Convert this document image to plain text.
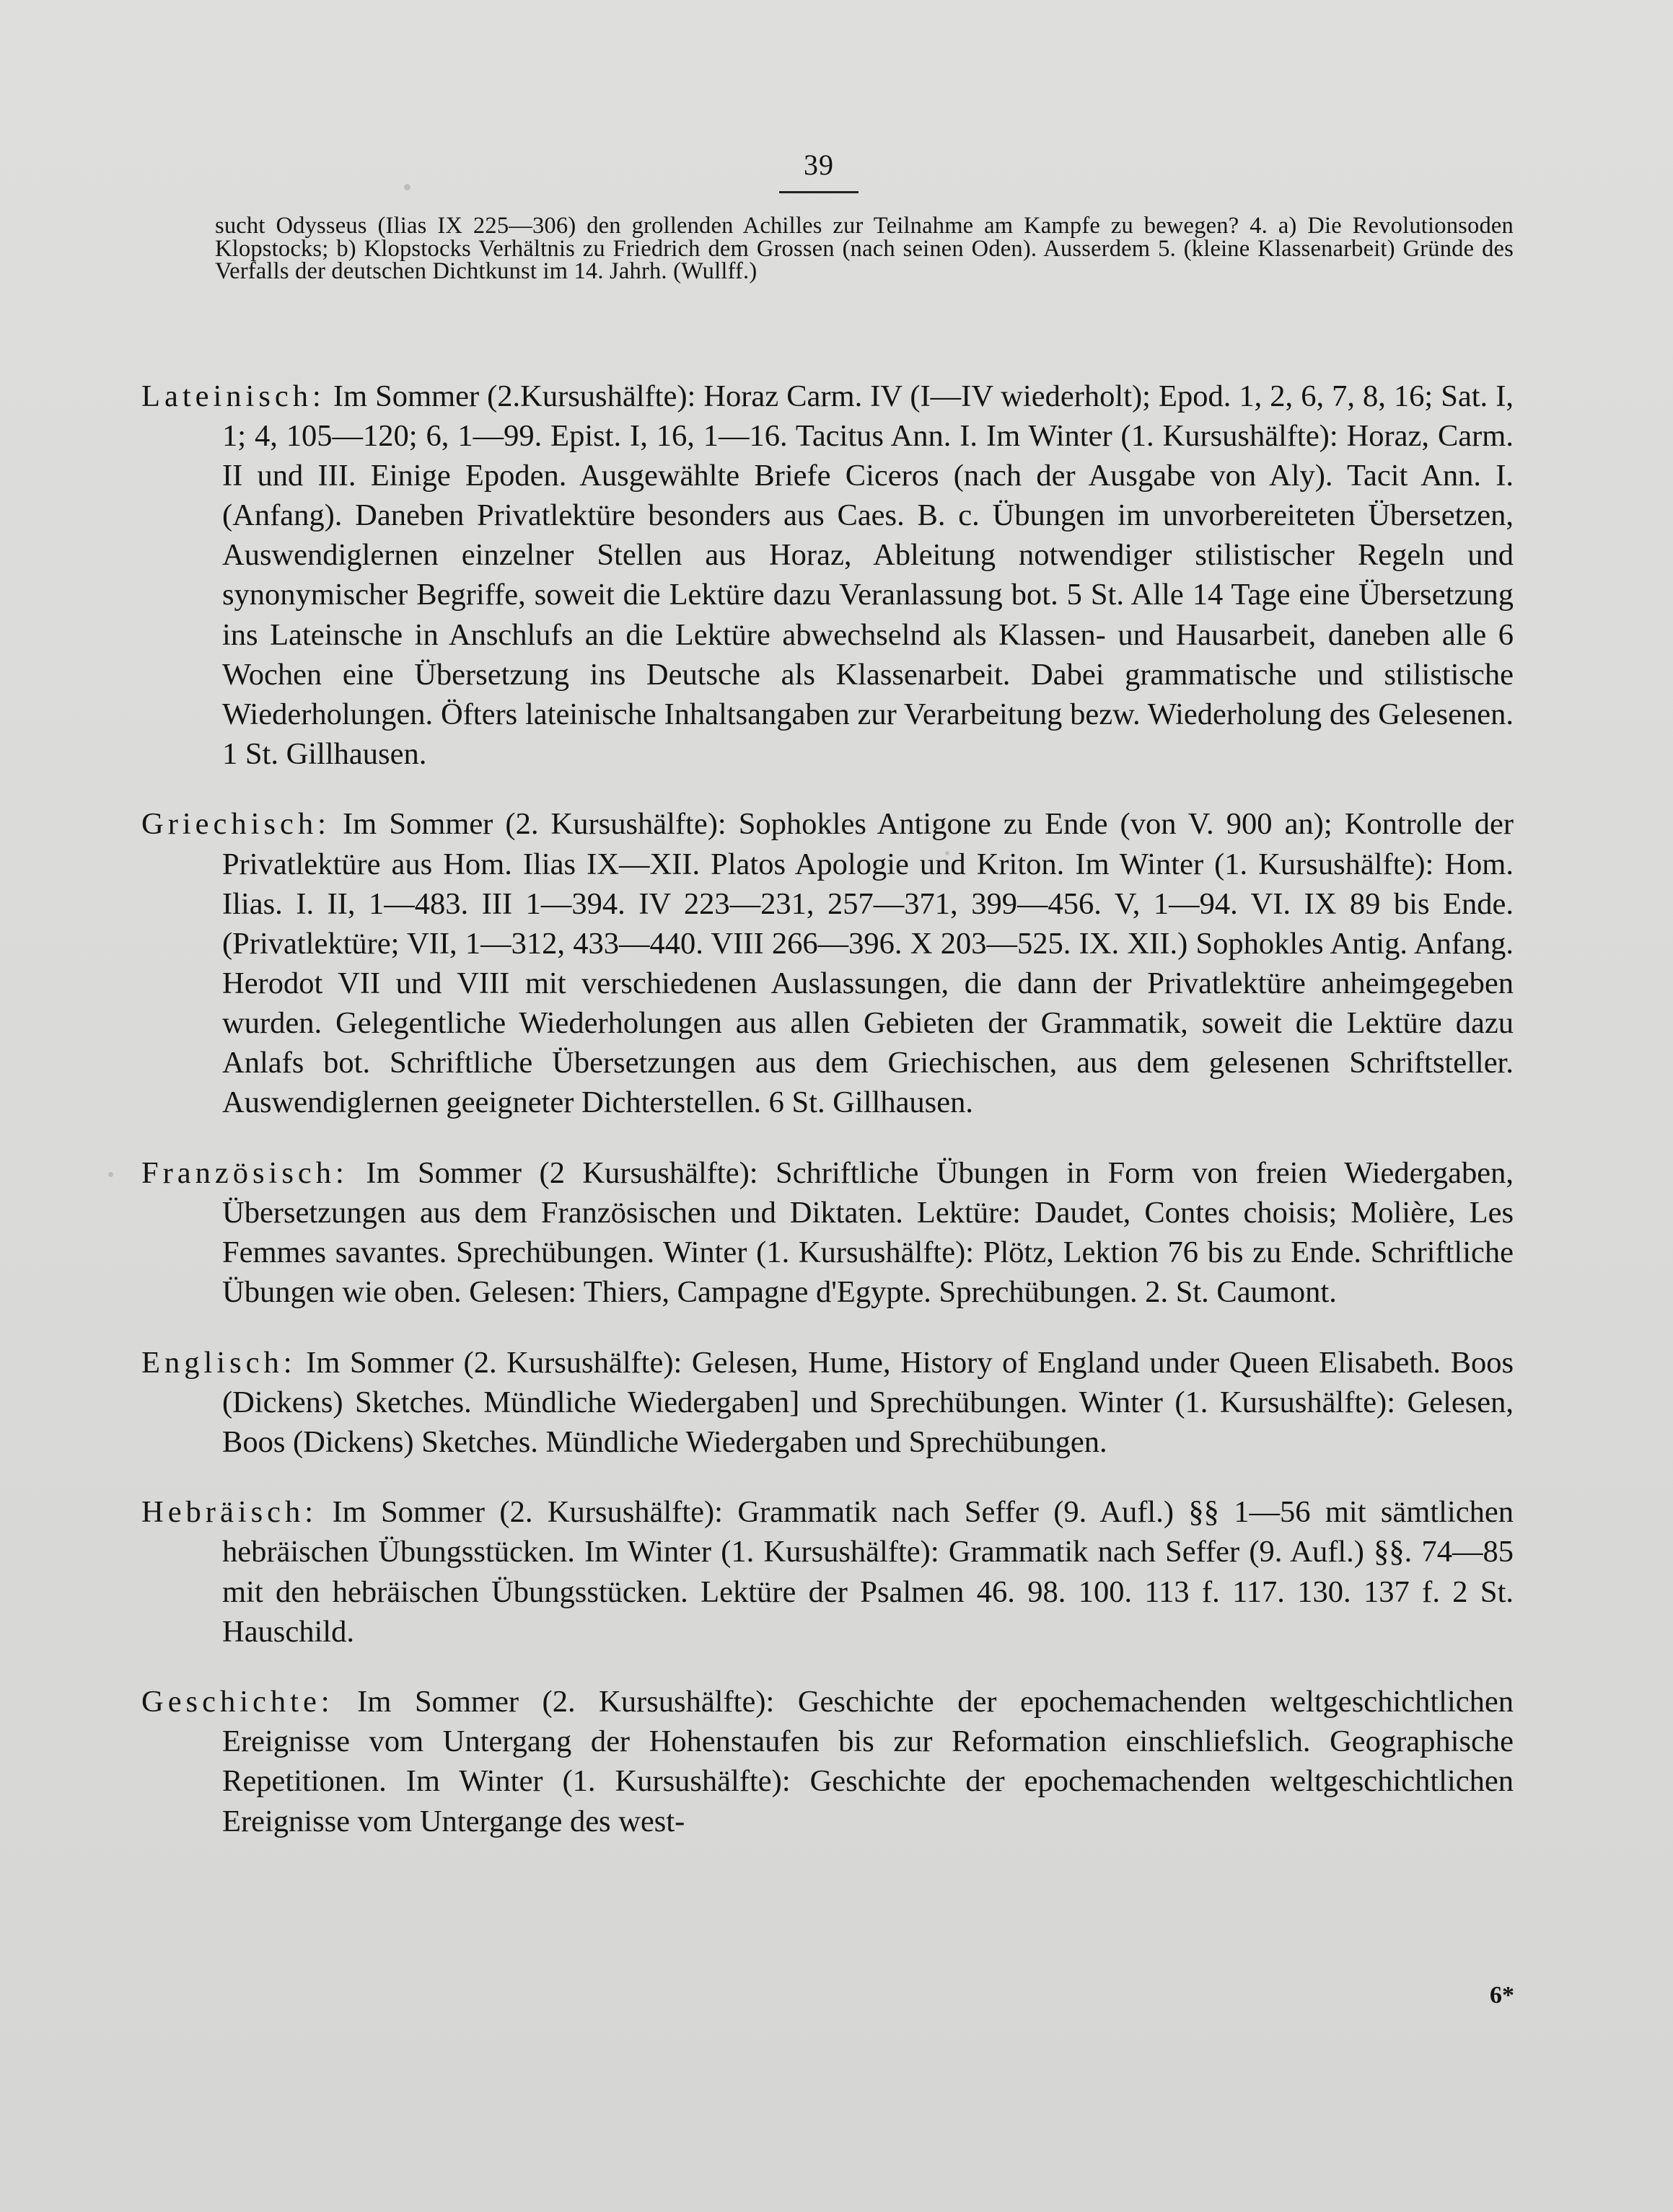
39
sucht Odysseus (Ilias IX 225—306) den grollenden Achilles zur Teilnahme am Kampfe zu bewegen? 4. a) Die Revolutionsoden Klopstocks; b) Klopstocks Verhältnis zu Friedrich dem Grossen (nach seinen Oden). Ausserdem 5. (kleine Klassenarbeit) Gründe des Verfalls der deutschen Dichtkunst im 14. Jahrh. (Wullff.)

Lateinisch: Im Sommer (2.Kursushälfte): Horaz Carm. IV (I—IV wiederholt); Epod. 1, 2, 6, 7, 8, 16; Sat. I, 1; 4, 105—120; 6, 1—99. Epist. I, 16, 1—16. Tacitus Ann. I. Im Winter (1. Kursushälfte): Horaz, Carm. II und III. Einige Epoden. Ausgewählte Briefe Ciceros (nach der Ausgabe von Aly). Tacit Ann. I. (Anfang). Daneben Privatlektüre besonders aus Caes. B. c. Übungen im unvorbereiteten Übersetzen, Auswendiglernen einzelner Stellen aus Horaz, Ableitung notwendiger stilistischer Regeln und synonymischer Begriffe, soweit die Lektüre dazu Veranlassung bot. 5 St. Alle 14 Tage eine Übersetzung ins Lateinsche in Anschlufs an die Lektüre abwechselnd als Klassen- und Hausarbeit, daneben alle 6 Wochen eine Übersetzung ins Deutsche als Klassenarbeit. Dabei grammatische und stilistische Wiederholungen. Öfters lateinische Inhaltsangaben zur Verarbeitung bezw. Wiederholung des Gelesenen. 1 St. Gillhausen.

Griechisch: Im Sommer (2. Kursushälfte): Sophokles Antigone zu Ende (von V. 900 an); Kontrolle der Privatlektüre aus Hom. Ilias IX—XII. Platos Apologie und Kriton. Im Winter (1. Kursushälfte): Hom. Ilias. I. II, 1—483. III 1—394. IV 223—231, 257—371, 399—456. V, 1—94. VI. IX 89 bis Ende. (Privatlektüre; VII, 1—312, 433—440. VIII 266—396. X 203—525. IX. XII.) Sophokles Antig. Anfang. Herodot VII und VIII mit verschiedenen Auslassungen, die dann der Privatlektüre anheimgegeben wurden. Gelegentliche Wiederholungen aus allen Gebieten der Grammatik, soweit die Lektüre dazu Anlafs bot. Schriftliche Übersetzungen aus dem Griechischen, aus dem gelesenen Schriftsteller. Auswendiglernen geeigneter Dichterstellen. 6 St. Gillhausen.

Französisch: Im Sommer (2 Kursushälfte): Schriftliche Übungen in Form von freien Wiedergaben, Übersetzungen aus dem Französischen und Diktaten. Lektüre: Daudet, Contes choisis; Molière, Les Femmes savantes. Sprechübungen. Winter (1. Kursushälfte): Plötz, Lektion 76 bis zu Ende. Schriftliche Übungen wie oben. Gelesen: Thiers, Campagne d'Egypte. Sprechübungen. 2. St. Caumont.

Englisch: Im Sommer (2. Kursushälfte): Gelesen, Hume, History of England under Queen Elisabeth. Boos (Dickens) Sketches. Mündliche Wiedergaben] und Sprechübungen. Winter (1. Kursushälfte): Gelesen, Boos (Dickens) Sketches. Mündliche Wiedergaben und Sprechübungen.

Hebräisch: Im Sommer (2. Kursushälfte): Grammatik nach Seffer (9. Aufl.) §§ 1—56 mit sämtlichen hebräischen Übungsstücken. Im Winter (1. Kursushälfte): Grammatik nach Seffer (9. Aufl.) §§. 74—85 mit den hebräischen Übungsstücken. Lektüre der Psalmen 46. 98. 100. 113 f. 117. 130. 137 f. 2 St. Hauschild.

Geschichte: Im Sommer (2. Kursushälfte): Geschichte der epochemachenden weltgeschichtlichen Ereignisse vom Untergang der Hohenstaufen bis zur Reformation einschliefslich. Geographische Repetitionen. Im Winter (1. Kursushälfte): Geschichte der epochemachenden weltgeschichtlichen Ereignisse vom Untergange des west-

6*
